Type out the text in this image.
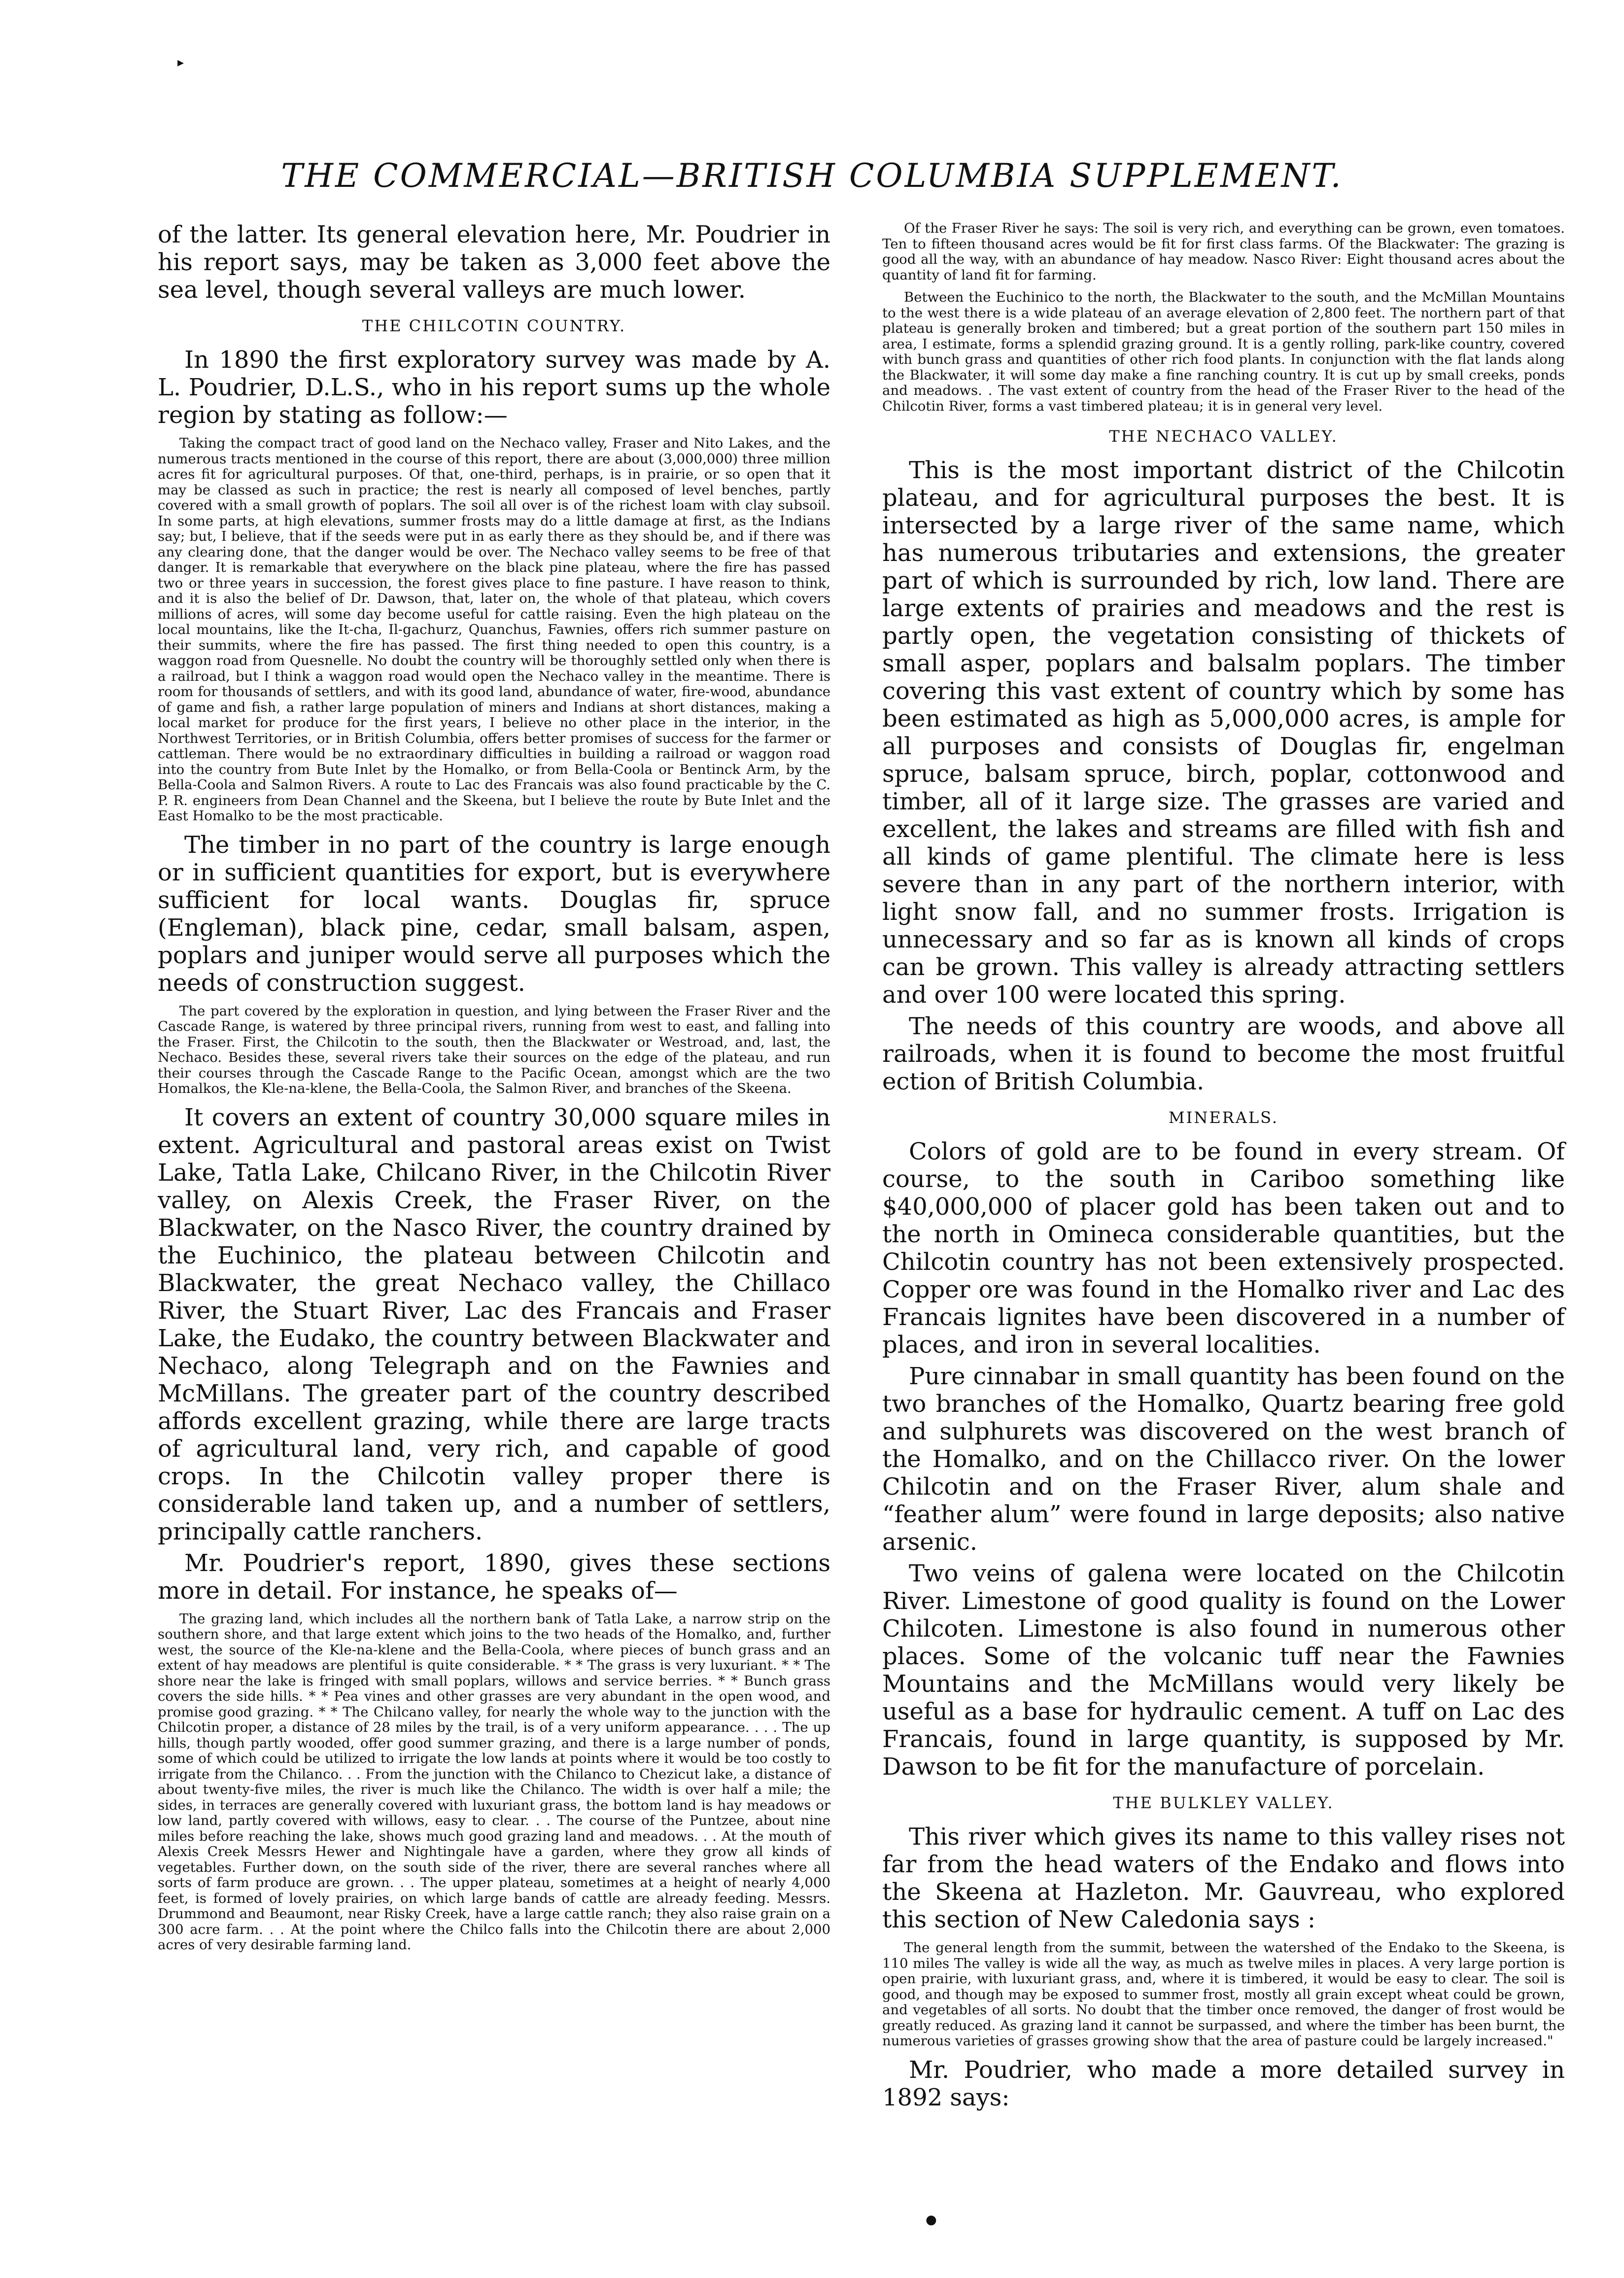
▸
THE COMMERCIAL—BRITISH COLUMBIA SUPPLEMENT.

of the latter. Its general elevation here, Mr. Poudrier in his report says, may be taken as 3,000 feet above the sea level, though several valleys are much lower.

THE CHILCOTIN COUNTRY.

In 1890 the first exploratory survey was made by A. L. Poudrier, D.L.S., who in his report sums up the whole region by stating as follow:—

Taking the compact tract of good land on the Nechaco valley, Fraser and Nito Lakes, and the numerous tracts mentioned in the course of this report, there are about (3,000,000) three million acres fit for agricultural purposes. Of that, one-third, perhaps, is in prairie, or so open that it may be classed as such in practice; the rest is nearly all composed of level benches, partly covered with a small growth of poplars. The soil all over is of the richest loam with clay subsoil. In some parts, at high elevations, summer frosts may do a little damage at first, as the Indians say; but, I believe, that if the seeds were put in as early there as they should be, and if there was any clearing done, that the danger would be over. The Nechaco valley seems to be free of that danger. It is remarkable that everywhere on the black pine plateau, where the fire has passed two or three years in succession, the forest gives place to fine pasture. I have reason to think, and it is also the belief of Dr. Dawson, that, later on, the whole of that plateau, which covers millions of acres, will some day become useful for cattle raising. Even the high plateau on the local mountains, like the It-cha, Il-gachurz, Quanchus, Fawnies, offers rich summer pasture on their summits, where the fire has passed. The first thing needed to open this country, is a waggon road from Quesnelle. No doubt the country will be thoroughly settled only when there is a railroad, but I think a waggon road would open the Nechaco valley in the meantime. There is room for thousands of settlers, and with its good land, abundance of water, fire-wood, abundance of game and fish, a rather large population of miners and Indians at short distances, making a local market for produce for the first years, I believe no other place in the interior, in the Northwest Territories, or in British Columbia, offers better promises of success for the farmer or cattleman. There would be no extraordinary difficulties in building a railroad or waggon road into the country from Bute Inlet by the Homalko, or from Bella-Coola or Bentinck Arm, by the Bella-Coola and Salmon Rivers. A route to Lac des Francais was also found practicable by the C. P. R. engineers from Dean Channel and the Skeena, but I believe the route by Bute Inlet and the East Homalko to be the most practicable.

The timber in no part of the country is large enough or in sufficient quantities for export, but is everywhere sufficient for local wants. Douglas fir, spruce (Engleman), black pine, cedar, small balsam, aspen, poplars and juniper would serve all purposes which the needs of construction suggest.

The part covered by the exploration in question, and lying between the Fraser River and the Cascade Range, is watered by three principal rivers, running from west to east, and falling into the Fraser. First, the Chilcotin to the south, then the Blackwater or Westroad, and, last, the Nechaco. Besides these, several rivers take their sources on the edge of the plateau, and run their courses through the Cascade Range to the Pacific Ocean, amongst which are the two Homalkos, the Kle-na-klene, the Bella-Coola, the Salmon River, and branches of the Skeena.

It covers an extent of country 30,000 square miles in extent. Agricultural and pastoral areas exist on Twist Lake, Tatla Lake, Chilcano River, in the Chilcotin River valley, on Alexis Creek, the Fraser River, on the Blackwater, on the Nasco River, the country drained by the Euchinico, the plateau between Chilcotin and Blackwater, the great Nechaco valley, the Chillaco River, the Stuart River, Lac des Francais and Fraser Lake, the Eudako, the country between Blackwater and Nechaco, along Telegraph and on the Fawnies and McMillans. The greater part of the country described affords excellent grazing, while there are large tracts of agricultural land, very rich, and capable of good crops. In the Chilcotin valley proper there is considerable land taken up, and a number of settlers, principally cattle ranchers.

Mr. Poudrier's report, 1890, gives these sections more in detail. For instance, he speaks of—

The grazing land, which includes all the northern bank of Tatla Lake, a narrow strip on the southern shore, and that large extent which joins to the two heads of the Homalko, and, further west, the source of the Kle-na-klene and the Bella-Coola, where pieces of bunch grass and an extent of hay meadows are plentiful is quite considerable. * * The grass is very luxuriant. * * The shore near the lake is fringed with small poplars, willows and service berries. * * Bunch grass covers the side hills. * * Pea vines and other grasses are very abundant in the open wood, and promise good grazing. * * The Chilcano valley, for nearly the whole way to the junction with the Chilcotin proper, a distance of 28 miles by the trail, is of a very uniform appearance. . . . The up hills, though partly wooded, offer good summer grazing, and there is a large number of ponds, some of which could be utilized to irrigate the low lands at points where it would be too costly to irrigate from the Chilanco. . . From the junction with the Chilanco to Chezicut lake, a distance of about twenty-five miles, the river is much like the Chilanco. The width is over half a mile; the sides, in terraces are generally covered with luxuriant grass, the bottom land is hay meadows or low land, partly covered with willows, easy to clear. . . The course of the Puntzee, about nine miles before reaching the lake, shows much good grazing land and meadows. . . At the mouth of Alexis Creek Messrs Hewer and Nightingale have a garden, where they grow all kinds of vegetables. Further down, on the south side of the river, there are several ranches where all sorts of farm produce are grown. . . The upper plateau, sometimes at a height of nearly 4,000 feet, is formed of lovely prairies, on which large bands of cattle are already feeding. Messrs. Drummond and Beaumont, near Risky Creek, have a large cattle ranch; they also raise grain on a 300 acre farm. . . At the point where the Chilco falls into the Chilcotin there are about 2,000 acres of very desirable farming land.

Of the Fraser River he says: The soil is very rich, and everything can be grown, even tomatoes. Ten to fifteen thousand acres would be fit for first class farms. Of the Blackwater: The grazing is good all the way, with an abundance of hay meadow. Nasco River: Eight thousand acres about the quantity of land fit for farming.

Between the Euchinico to the north, the Blackwater to the south, and the McMillan Mountains to the west there is a wide plateau of an average elevation of 2,800 feet. The northern part of that plateau is generally broken and timbered; but a great portion of the southern part 150 miles in area, I estimate, forms a splendid grazing ground. It is a gently rolling, park-like country, covered with bunch grass and quantities of other rich food plants. In conjunction with the flat lands along the Blackwater, it will some day make a fine ranching country. It is cut up by small creeks, ponds and meadows. . The vast extent of country from the head of the Fraser River to the head of the Chilcotin River, forms a vast timbered plateau; it is in general very level.

THE NECHACO VALLEY.

This is the most important district of the Chilcotin plateau, and for agricultural purposes the best. It is intersected by a large river of the same name, which has numerous tributaries and extensions, the greater part of which is surrounded by rich, low land. There are large extents of prairies and meadows and the rest is partly open, the vegetation consisting of thickets of small asper, poplars and balsalm poplars. The timber covering this vast extent of country which by some has been estimated as high as 5,000,000 acres, is ample for all purposes and consists of Douglas fir, engelman spruce, balsam spruce, birch, poplar, cottonwood and timber, all of it large size. The grasses are varied and excellent, the lakes and streams are filled with fish and all kinds of game plentiful. The climate here is less severe than in any part of the northern interior, with light snow fall, and no summer frosts. Irrigation is unnecessary and so far as is known all kinds of crops can be grown. This valley is already attracting settlers and over 100 were located this spring.

The needs of this country are woods, and above all railroads, when it is found to become the most fruitful ection of British Columbia.

MINERALS.

Colors of gold are to be found in every stream. Of course, to the south in Cariboo something like $40,000,000 of placer gold has been taken out and to the north in Omineca considerable quantities, but the Chilcotin country has not been extensively prospected. Copper ore was found in the Homalko river and Lac des Francais lignites have been discovered in a number of places, and iron in several localities.

Pure cinnabar in small quantity has been found on the two branches of the Homalko, Quartz bearing free gold and sulphurets was discovered on the west branch of the Homalko, and on the Chillacco river. On the lower Chilcotin and on the Fraser River, alum shale and “feather alum” were found in large deposits; also native arsenic.

Two veins of galena were located on the Chilcotin River. Limestone of good quality is found on the Lower Chilcoten. Limestone is also found in numerous other places. Some of the volcanic tuff near the Fawnies Mountains and the McMillans would very likely be useful as a base for hydraulic cement. A tuff on Lac des Francais, found in large quantity, is supposed by Mr. Dawson to be fit for the manufacture of porcelain.

THE BULKLEY VALLEY.

This river which gives its name to this valley rises not far from the head waters of the Endako and flows into the Skeena at Hazleton. Mr. Gauvreau, who explored this section of New Caledonia says :

The general length from the summit, between the watershed of the Endako to the Skeena, is 110 miles The valley is wide all the way, as much as twelve miles in places. A very large portion is open prairie, with luxuriant grass, and, where it is timbered, it would be easy to clear. The soil is good, and though may be exposed to summer frost, mostly all grain except wheat could be grown, and vegetables of all sorts. No doubt that the timber once removed, the danger of frost would be greatly reduced. As grazing land it cannot be surpassed, and where the timber has been burnt, the numerous varieties of grasses growing show that the area of pasture could be largely increased."

Mr. Poudrier, who made a more detailed survey in 1892 says:

●
